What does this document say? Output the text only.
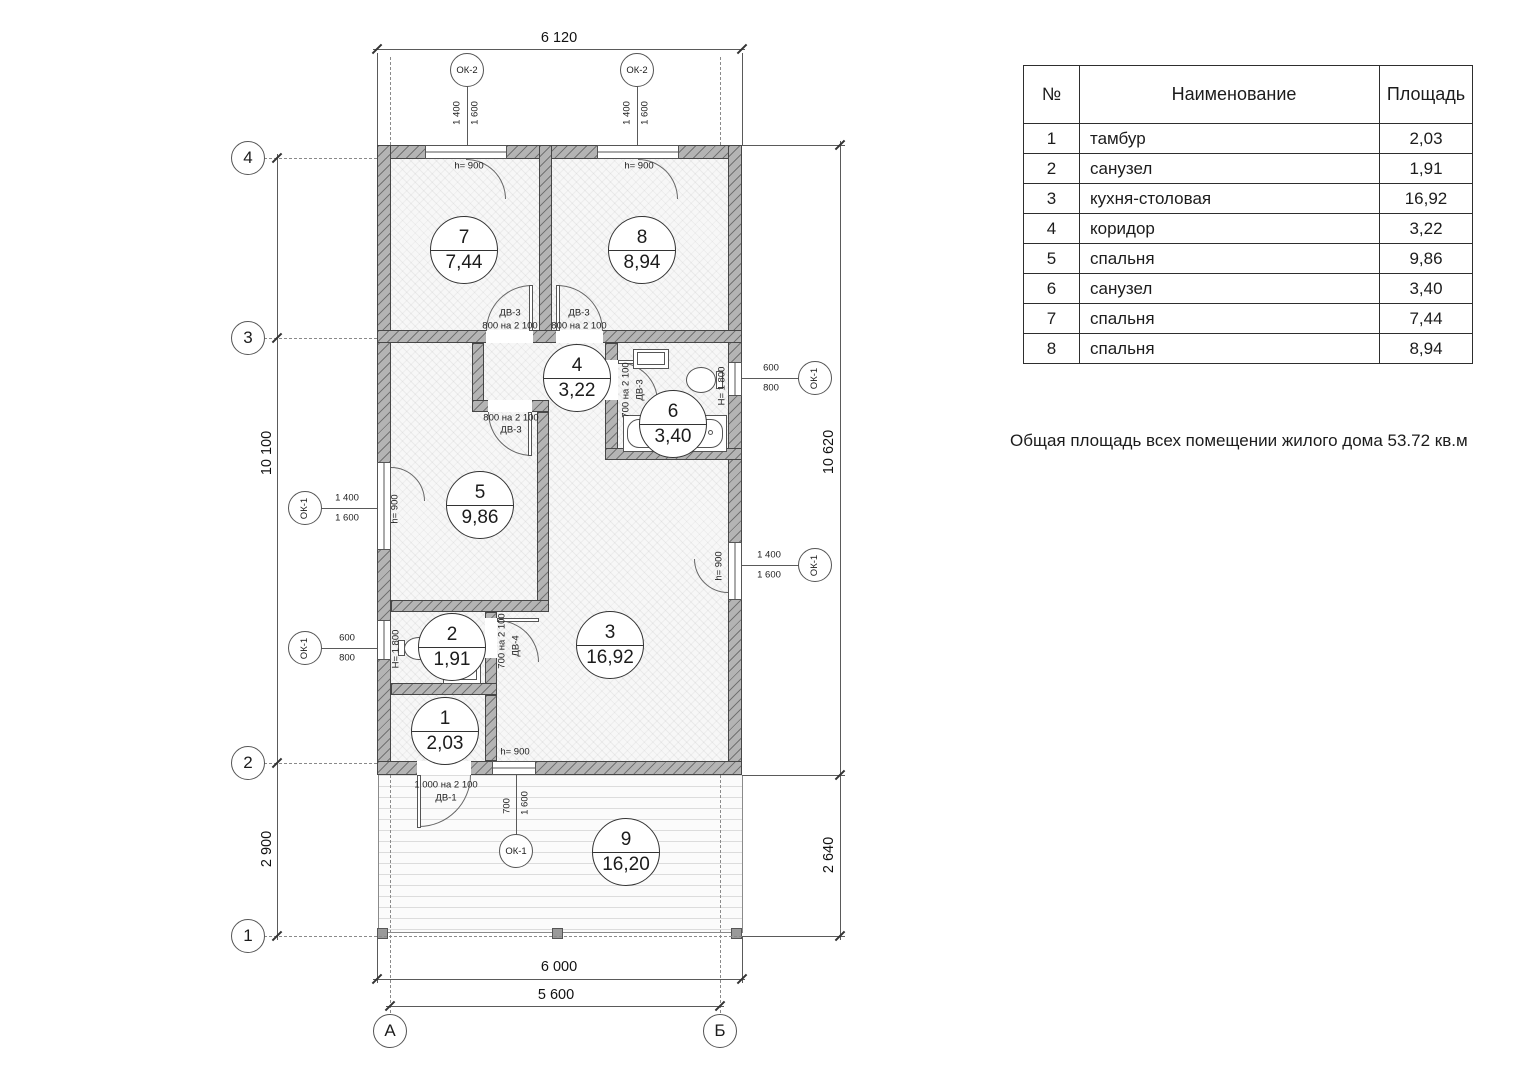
6 120
6 000
5 600
10 100
2 900
10 620
2 640
4
3
2
1
А	Б
ОК-2
1 400 1 600
ОК-2
1 400 1 600
ОК-1	1 400
1 600
ОК-1	600
800
ОК-1
600
800
ОК-1
1 400
1 600
ОК-1
700 1 600
1
2,03
2
1,91
3
16,92
4
3,22
5
9,86
6
3,40
7
7,44
8
8,94
9
16,20
ДВ-3
800 на 2 100
ДВ-3
800 на 2 100
800 на 2 100
ДВ-3
700 на 2 100 ДВ-3
700 на 2 100 ДВ-4
1 000 на 2 100
ДВ-1
h= 900	h= 900
h= 900
h= 900
h= 900
Н= 1 800
Н= 1 800
№	Наименование	Площадь
1	тамбур	2,03
2	санузел	1,91
3	кухня-столовая	16,92
4	коридор	3,22
5	спальня	9,86
6	санузел	3,40
7	спальня	7,44
8	спальня	8,94
Общая площадь всех помещении жилого дома 53.72 кв.м
